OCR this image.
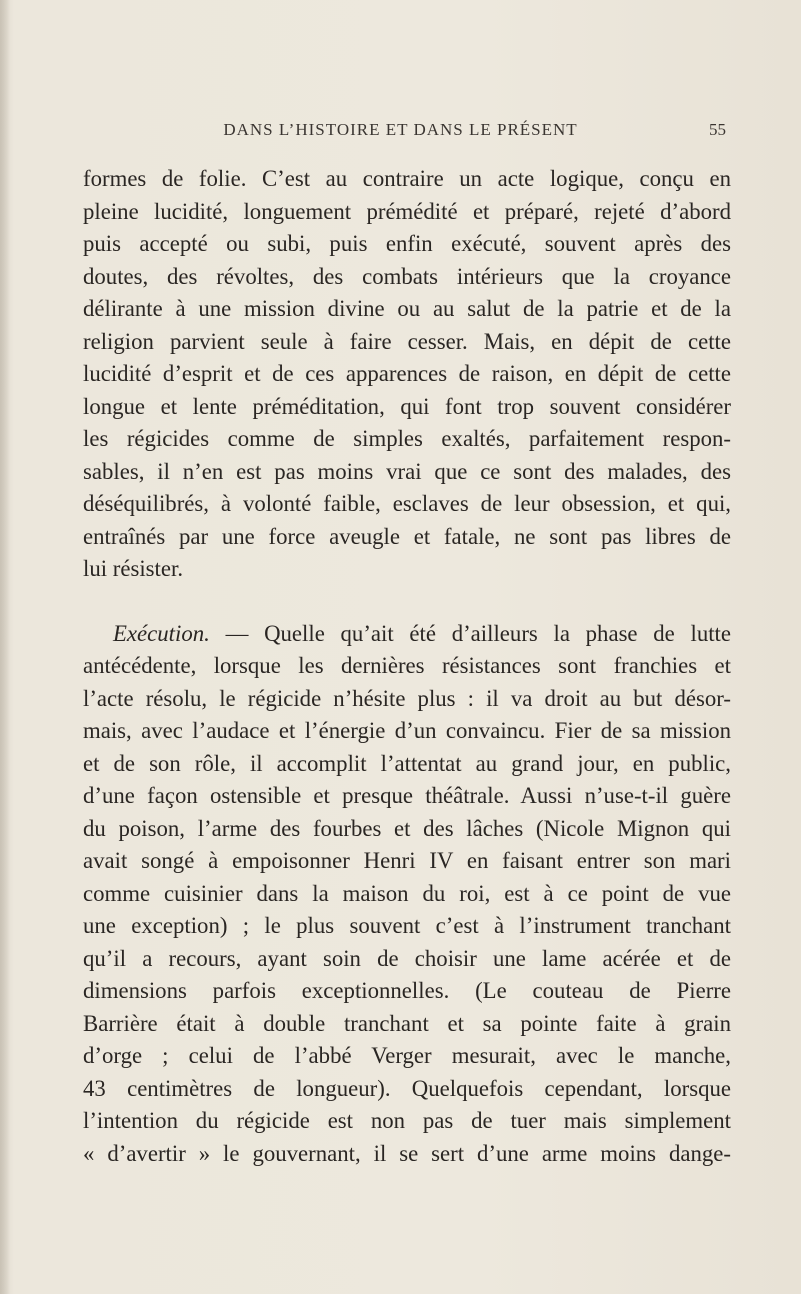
DANS L’HISTOIRE ET DANS LE PRÉSENT	55
formes de folie. C’est au contraire un acte logique, conçu en
pleine lucidité, longuement prémédité et préparé, rejeté d’abord
puis accepté ou subi, puis enfin exécuté, souvent après des
doutes, des révoltes, des combats intérieurs que la croyance
délirante à une mission divine ou au salut de la patrie et de la
religion parvient seule à faire cesser. Mais, en dépit de cette
lucidité d’esprit et de ces apparences de raison, en dépit de cette
longue et lente préméditation, qui font trop souvent considérer
les régicides comme de simples exaltés, parfaitement respon-
sables, il n’en est pas moins vrai que ce sont des malades, des
déséquilibrés, à volonté faible, esclaves de leur obsession, et qui,
entraînés par une force aveugle et fatale, ne sont pas libres de
lui résister.
Exécution. — Quelle qu’ait été d’ailleurs la phase de lutte
antécédente, lorsque les dernières résistances sont franchies et
l’acte résolu, le régicide n’hésite plus : il va droit au but désor-
mais, avec l’audace et l’énergie d’un convaincu. Fier de sa mission
et de son rôle, il accomplit l’attentat au grand jour, en public,
d’une façon ostensible et presque théâtrale. Aussi n’use-t-il guère
du poison, l’arme des fourbes et des lâches (Nicole Mignon qui
avait songé à empoisonner Henri IV en faisant entrer son mari
comme cuisinier dans la maison du roi, est à ce point de vue
une exception) ; le plus souvent c’est à l’instrument tranchant
qu’il a recours, ayant soin de choisir une lame acérée et de
dimensions parfois exceptionnelles. (Le couteau de Pierre
Barrière était à double tranchant et sa pointe faite à grain
d’orge ; celui de l’abbé Verger mesurait, avec le manche,
43 centimètres de longueur). Quelquefois cependant, lorsque
l’intention du régicide est non pas de tuer mais simplement
« d’avertir » le gouvernant, il se sert d’une arme moins dange-
